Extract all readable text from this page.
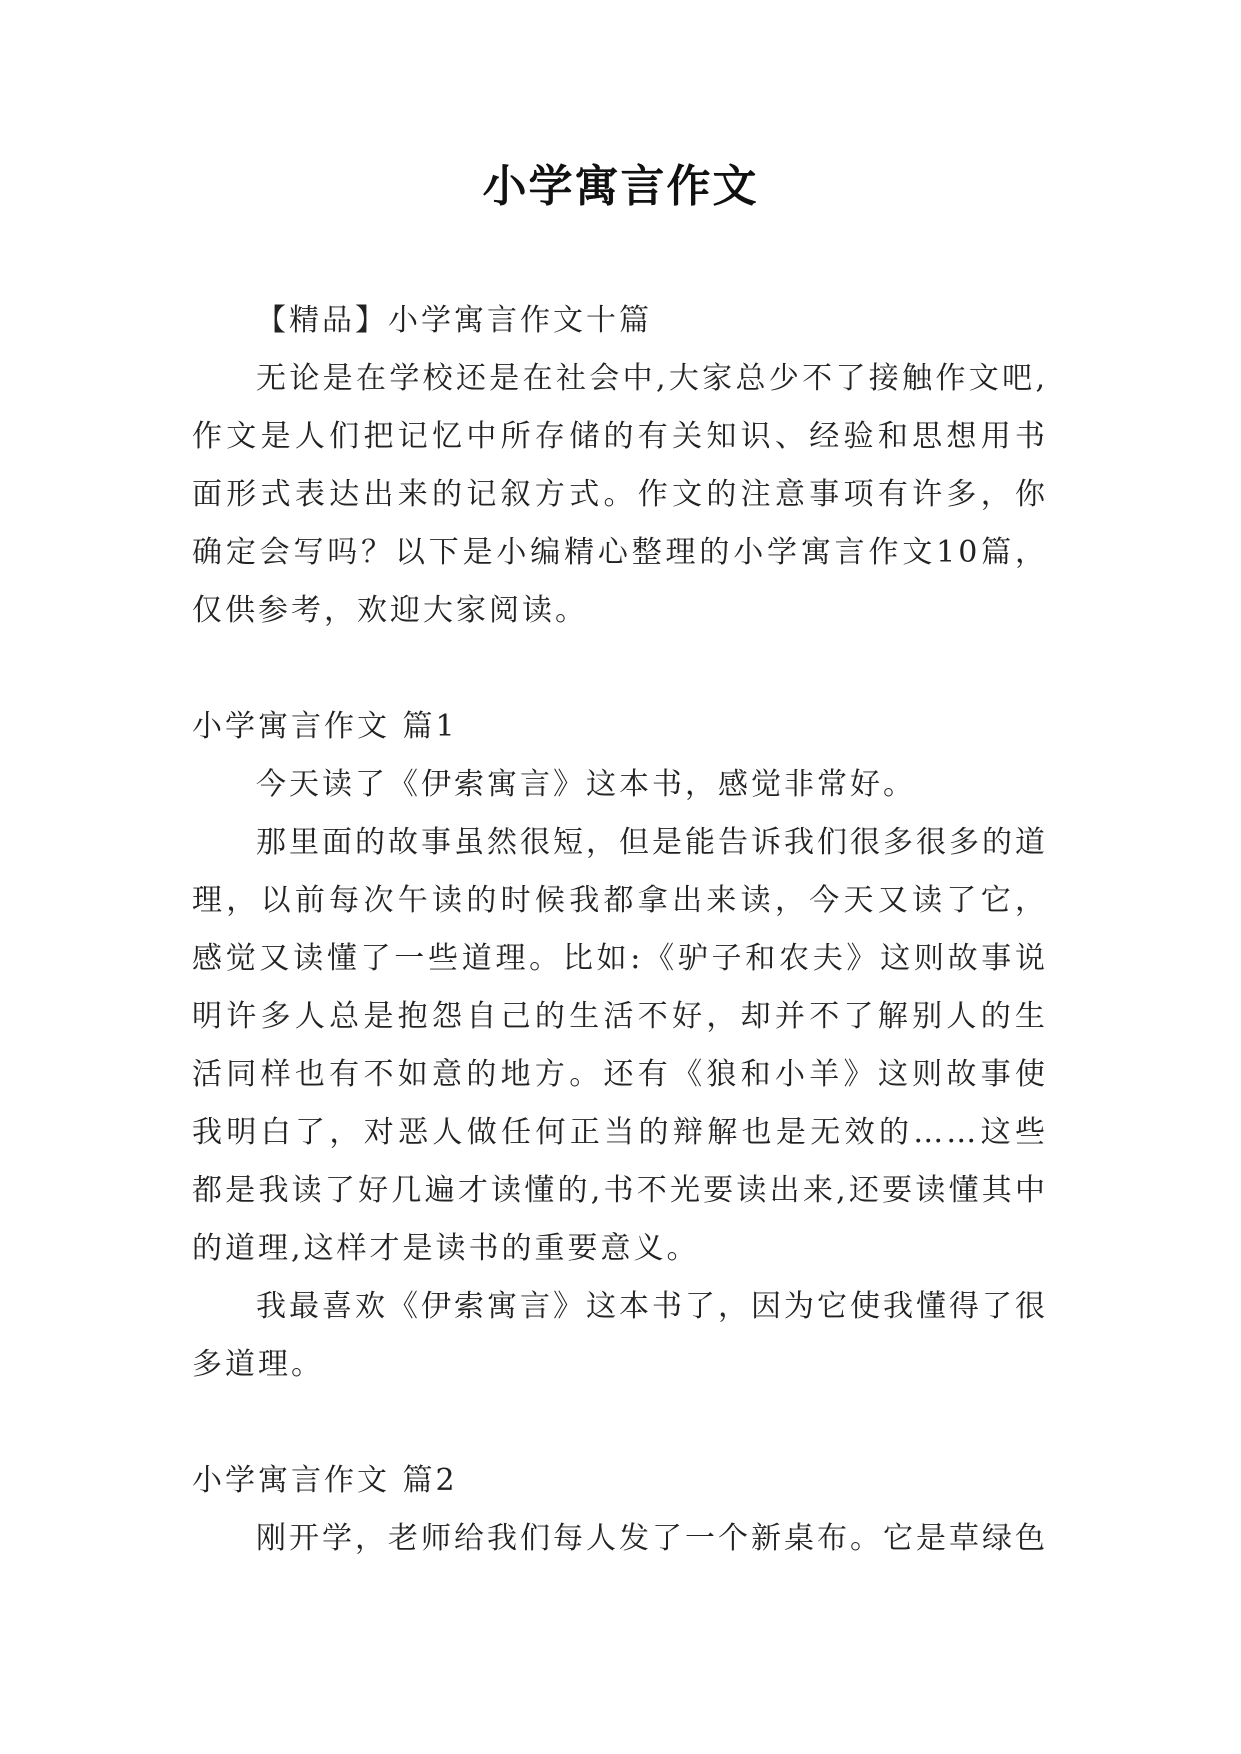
小学寓言作文

【精品】小学寓言作文十篇

无论是在学校还是在社会中,大家总少不了接触作文吧,作文是人们把记忆中所存储的有关知识、经验和思想用书面形式表达出来的记叙方式。作文的注意事项有许多，你确定会写吗？以下是小编精心整理的小学寓言作文10篇，仅供参考，欢迎大家阅读。

小学寓言作文 篇1

今天读了《伊索寓言》这本书，感觉非常好。

那里面的故事虽然很短，但是能告诉我们很多很多的道理，以前每次午读的时候我都拿出来读，今天又读了它，感觉又读懂了一些道理。比如:《驴子和农夫》这则故事说明许多人总是抱怨自己的生活不好，却并不了解别人的生活同样也有不如意的地方。还有《狼和小羊》这则故事使我明白了，对恶人做任何正当的辩解也是无效的……这些都是我读了好几遍才读懂的,书不光要读出来,还要读懂其中的道理,这样才是读书的重要意义。

我最喜欢《伊索寓言》这本书了，因为它使我懂得了很多道理。

小学寓言作文 篇2

刚开学，老师给我们每人发了一个新桌布。它是草绿色
